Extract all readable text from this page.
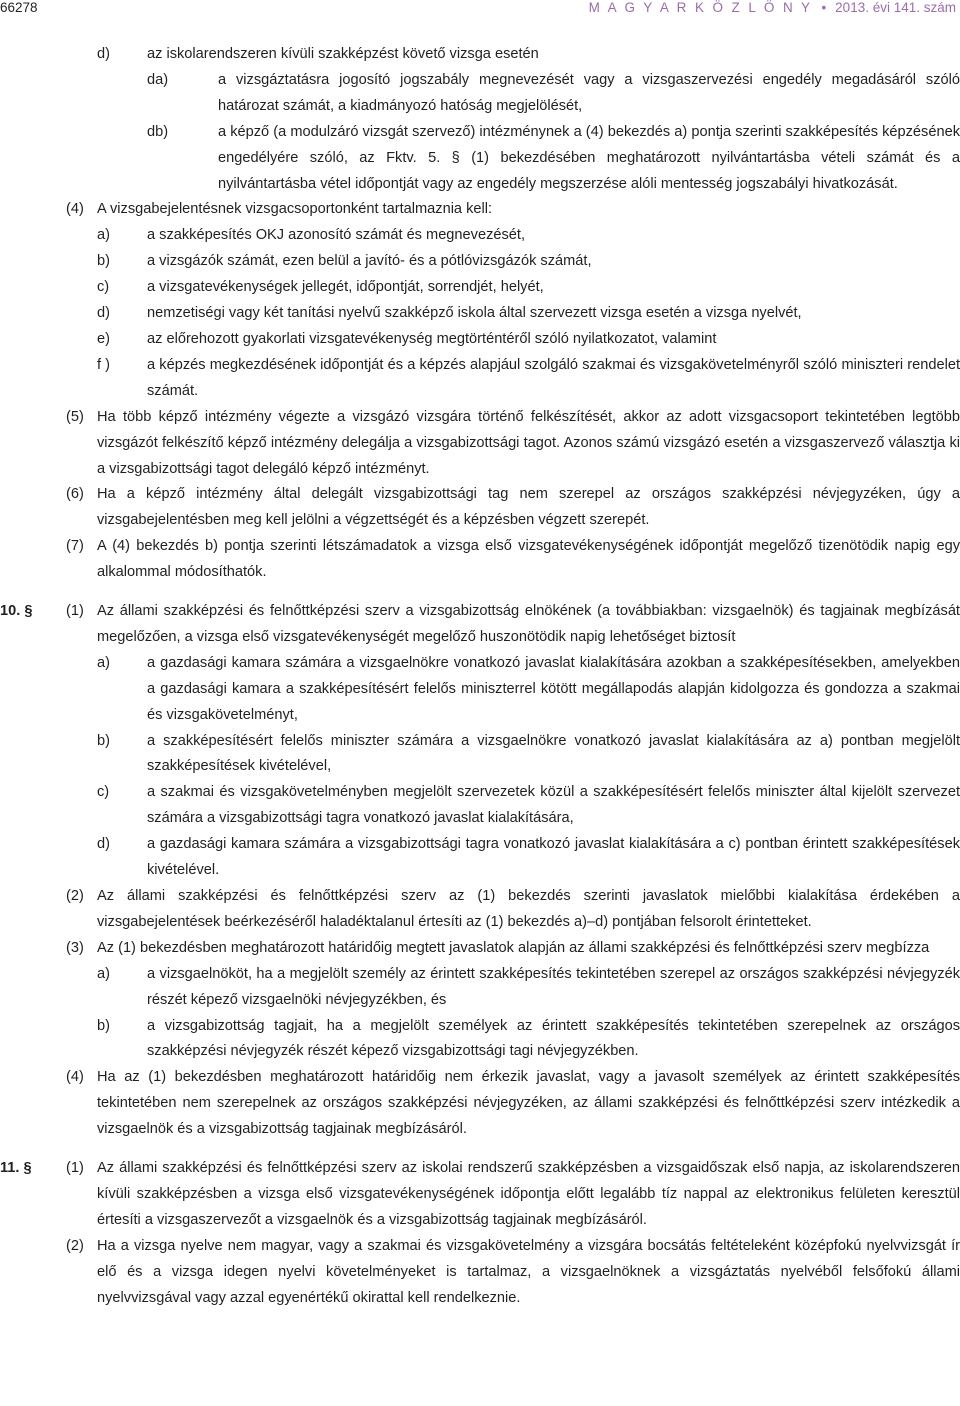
66278	M A G Y A R K Ö Z L Ö N Y • 2013. évi 141. szám
d)	az iskolarendszeren kívüli szakképzést követő vizsga esetén
da)	a vizsgáztatásra jogosító jogszabály megnevezését vagy a vizsgaszervezési engedély megadásáról szóló határozat számát, a kiadmányozó hatóság megjelölését,
db)	a képző (a modulzáró vizsgát szervező) intézménynek a (4) bekezdés a) pontja szerinti szakképesítés képzésének engedélyére szóló, az Fktv. 5. § (1) bekezdésében meghatározott nyilvántartásba vételi számát és a nyilvántartásba vétel időpontját vagy az engedély megszerzése alóli mentesség jogszabályi hivatkozását.
(4) A vizsgabejelentésnek vizsgacsoportonként tartalmaznia kell:
a)	a szakképesítés OKJ azonosító számát és megnevezését,
b)	a vizsgázók számát, ezen belül a javító- és a pótlóvizsgázók számát,
c)	a vizsgatevékenységek jellegét, időpontját, sorrendjét, helyét,
d)	nemzetiségi vagy két tanítási nyelvű szakképző iskola által szervezett vizsga esetén a vizsga nyelvét,
e)	az előrehozott gyakorlati vizsgatevékenység megtörténtéről szóló nyilatkozatot, valamint
f )	a képzés megkezdésének időpontját és a képzés alapjául szolgáló szakmai és vizsgakövetelményről szóló miniszteri rendelet számát.
(5) Ha több képző intézmény végezte a vizsgázó vizsgára történő felkészítését, akkor az adott vizsgacsoport tekintetében legtöbb vizsgázót felkészítő képző intézmény delegálja a vizsgabizottsági tagot. Azonos számú vizsgázó esetén a vizsgaszervező választja ki a vizsgabizottsági tagot delegáló képző intézményt.
(6) Ha a képző intézmény által delegált vizsgabizottsági tag nem szerepel az országos szakképzési névjegyzéken, úgy a vizsgabejelentésben meg kell jelölni a végzettségét és a képzésben végzett szerepét.
(7) A (4) bekezdés b) pontja szerinti létszámadatok a vizsga első vizsgatevékenységének időpontját megelőző tizenötödik napig egy alkalommal módosíthatók.
10. § (1) Az állami szakképzési és felnőttképzési szerv a vizsgabizottság elnökének (a továbbiakban: vizsgaelnök) és tagjainak megbízását megelőzően, a vizsga első vizsgatevékenységét megelőző huszonötödik napig lehetőséget biztosít
a)	a gazdasági kamara számára a vizsgaelnökre vonatkozó javaslat kialakítására azokban a szakképesítésekben, amelyekben a gazdasági kamara a szakképesítésért felelős miniszterrel kötött megállapodás alapján kidolgozza és gondozza a szakmai és vizsgakövetelményt,
b)	a szakképesítésért felelős miniszter számára a vizsgaelnökre vonatkozó javaslat kialakítására az a) pontban megjelölt szakképesítések kivételével,
c)	a szakmai és vizsgakövetelményben megjelölt szervezetek közül a szakképesítésért felelős miniszter által kijelölt szervezet számára a vizsgabizottsági tagra vonatkozó javaslat kialakítására,
d)	a gazdasági kamara számára a vizsgabizottsági tagra vonatkozó javaslat kialakítására a c) pontban érintett szakképesítések kivételével.
(2) Az állami szakképzési és felnőttképzési szerv az (1) bekezdés szerinti javaslatok mielőbbi kialakítása érdekében a vizsgabejelentések beérkezéséről haladéktalanul értesíti az (1) bekezdés a)–d) pontjában felsorolt érintetteket.
(3) Az (1) bekezdésben meghatározott határidőig megtett javaslatok alapján az állami szakképzési és felnőttképzési szerv megbízza
a)	a vizsgaelnököt, ha a megjelölt személy az érintett szakképesítés tekintetében szerepel az országos szakképzési névjegyzék részét képező vizsgaelnöki névjegyzékben, és
b)	a vizsgabizottság tagjait, ha a megjelölt személyek az érintett szakképesítés tekintetében szerepelnek az országos szakképzési névjegyzék részét képező vizsgabizottsági tagi névjegyzékben.
(4) Ha az (1) bekezdésben meghatározott határidőig nem érkezik javaslat, vagy a javasolt személyek az érintett szakképesítés tekintetében nem szerepelnek az országos szakképzési névjegyzéken, az állami szakképzési és felnőttképzési szerv intézkedik a vizsgaelnök és a vizsgabizottság tagjainak megbízásáról.
11. § (1) Az állami szakképzési és felnőttképzési szerv az iskolai rendszerű szakképzésben a vizsgaidőszak első napja, az iskolarendszeren kívüli szakképzésben a vizsga első vizsgatevékenységének időpontja előtt legalább tíz nappal az elektronikus felületen keresztül értesíti a vizsgaszervezőt a vizsgaelnök és a vizsgabizottság tagjainak megbízásáról.
(2) Ha a vizsga nyelve nem magyar, vagy a szakmai és vizsgakövetelmény a vizsgára bocsátás feltételeként középfokú nyelvvizsgát ír elő és a vizsga idegen nyelvi követelményeket is tartalmaz, a vizsgaelnöknek a vizsgáztatás nyelvéből felsőfokú állami nyelvvizsgával vagy azzal egyenértékű okirattal kell rendelkeznie.
